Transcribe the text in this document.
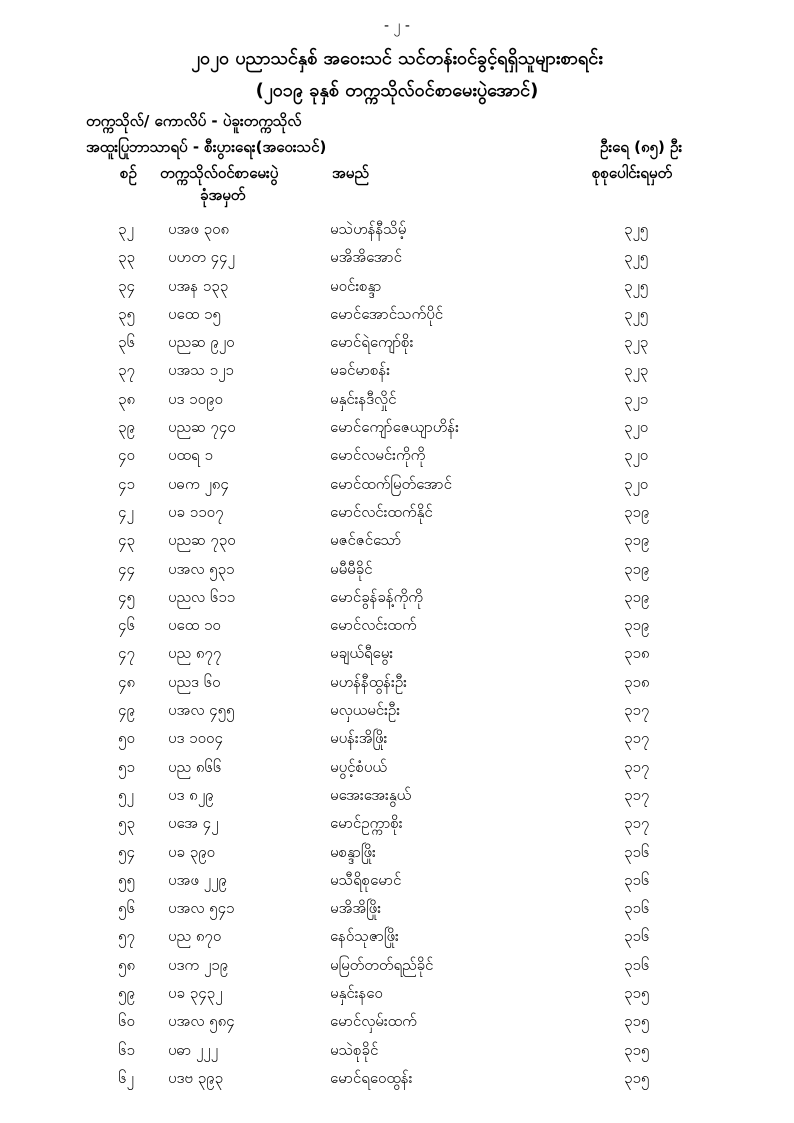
- ၂ -
၂၀၂၀ ပညာသင်နှစ် အဝေးသင် သင်တန်းဝင်ခွင့်ရရှိသူများစာရင်း
(၂၀၁၉ ခုနှစ် တက္ကသိုလ်ဝင်စာမေးပွဲအောင်)
တက္ကသိုလ်/ ကောလိပ် - ပဲခူးတက္ကသိုလ်
အထူးပြုဘာသာရပ် - စီးပွားရေး(အဝေးသင်)	ဦးရေ (၈၅) ဦး
စဉ် တက္ကသိုလ်ဝင်စာမေးပွဲ
ခုံအမှတ်
အမည်	စုစုပေါင်းရမှတ်
၃၂ ပအဖ ၃၀၈	မသဲဟန်နီသိမ့်	၃၂၅
၃၃ ပဟတ ၄၄၂	မအိအိအောင်	၃၂၅
၃၄ ပအန ၁၃၃	မဝင်းစန္ဒာ	၃၂၅
၃၅ ပထေ ၁၅	မောင်အောင်သက်ပိုင်	၃၂၅
၃၆ ပညဆ ၉၂၀	မောင်ရဲကျော်စိုး	၃၂၃
၃၇ ပအသ ၁၂၁	မခင်မာစန်း	၃၂၃
၃၈ ပဒ ၁၀၉၀	မနှင်းနဒီလှိုင်	၃၂၁
၃၉ ပညဆ ၇၄၀	မောင်ကျော်ဇေယျာဟိန်း	၃၂၀
၄၀ ပထရ ၁	မောင်လမင်းကိုကို	၃၂၀
၄၁ ပဓက ၂၈၄	မောင်ထက်မြတ်အောင်	၃၂၀
၄၂ ပခ ၁၁၀၇	မောင်လင်းထက်နိုင်	၃၁၉
၄၃ ပညဆ ၇၃၀	မဇင်ဇင်သော်	၃၁၉
၄၄ ပအလ ၅၃၁	မမီမီခိုင်	၃၁၉
၄၅ ပညလ ၆၁၁	မောင်ခွန်ခန့်ကိုကို	၃၁၉
၄၆ ပထေ ၁၀	မောင်လင်းထက်	၃၁၉
၄၇ ပည ၈၇၇	မချယ်ရီမွေး	၃၁၈
၄၈ ပညဒ ၆၀	မဟန်နီထွန်းဦး	၃၁၈
၄၉ ပအလ ၄၅၅	မလှယမင်းဦး	၃၁၇
၅၀ ပဒ ၁၀၀၄	မပန်းအိဖြိုး	၃၁၇
၅၁ ပည ၈၆၆	မပွင့်စံပယ်	၃၁၇
၅၂ ပဒ ၈၂၉	မအေးအေးနွယ်	၃၁၇
၅၃ ပအေ ၄၂	မောင်ဥက္ကာစိုး	၃၁၇
၅၄ ပခ ၃၉၀	မစန္ဒာဖြိုး	၃၁၆
၅၅ ပအဖ ၂၂၉	မသီရိစုမောင်	၃၁၆
၅၆ ပအလ ၅၄၁	မအိအိဖြိုး	၃၁၆
၅၇ ပည ၈၇၀	နေဝ်သုဇာဖြိုး	၃၁၆
၅၈ ပဒက ၂၁၉	မမြတ်တတ်ရည်ခိုင်	၃၁၆
၅၉ ပခ ၃၄၃၂	မနှင်းနဝေ	၃၁၅
၆၀ ပအလ ၅၈၄	မောင်လှမ်းထက်	၃၁၅
၆၁ ပဓာ ၂၂၂	မသဲစုခိုင်	၃၁၅
၆၂ ပဒဗ ၃၉၃	မောင်ရဝေထွန်း	၃၁၅
